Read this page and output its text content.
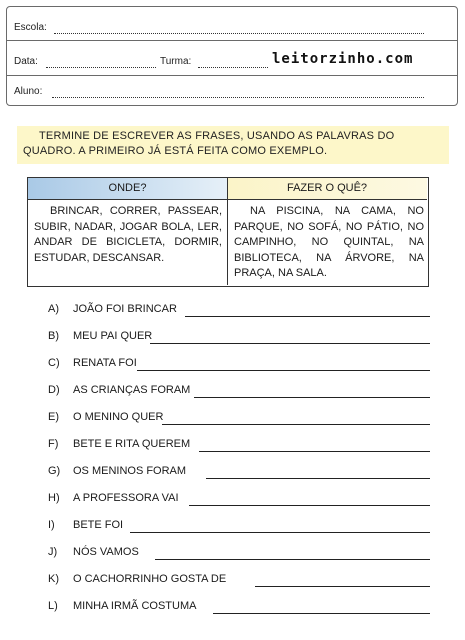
Escola:
Data:	Turma:	leitorzinho.com
Aluno:
TERMINE DE ESCREVER AS FRASES, USANDO AS PALAVRAS DO
QUADRO. A PRIMEIRO JÁ ESTÁ FEITA COMO EXEMPLO.
ONDE?	FAZER O QUÊ?
BRINCAR, CORRER, PASSEAR, SUBIR, NADAR, JOGAR BOLA, LER, ANDAR DE BICICLETA, DORMIR, ESTUDAR, DESCANSAR.
NA PISCINA, NA CAMA, NO PARQUE, NO SOFÁ, NO PÁTIO, NO CAMPINHO, NO QUINTAL, NA BIBLIOTECA, NA ÁRVORE, NA PRAÇA, NA SALA.
A) JOÃO FOI BRINCAR
B) MEU PAI QUER
C) RENATA FOI
D) AS CRIANÇAS FORAM
E) O MENINO QUER
F) BETE E RITA QUEREM
G) OS MENINOS FORAM
H) A PROFESSORA VAI
I) BETE FOI
J) NÓS VAMOS
K) O CACHORRINHO GOSTA DE
L) MINHA IRMÃ COSTUMA
